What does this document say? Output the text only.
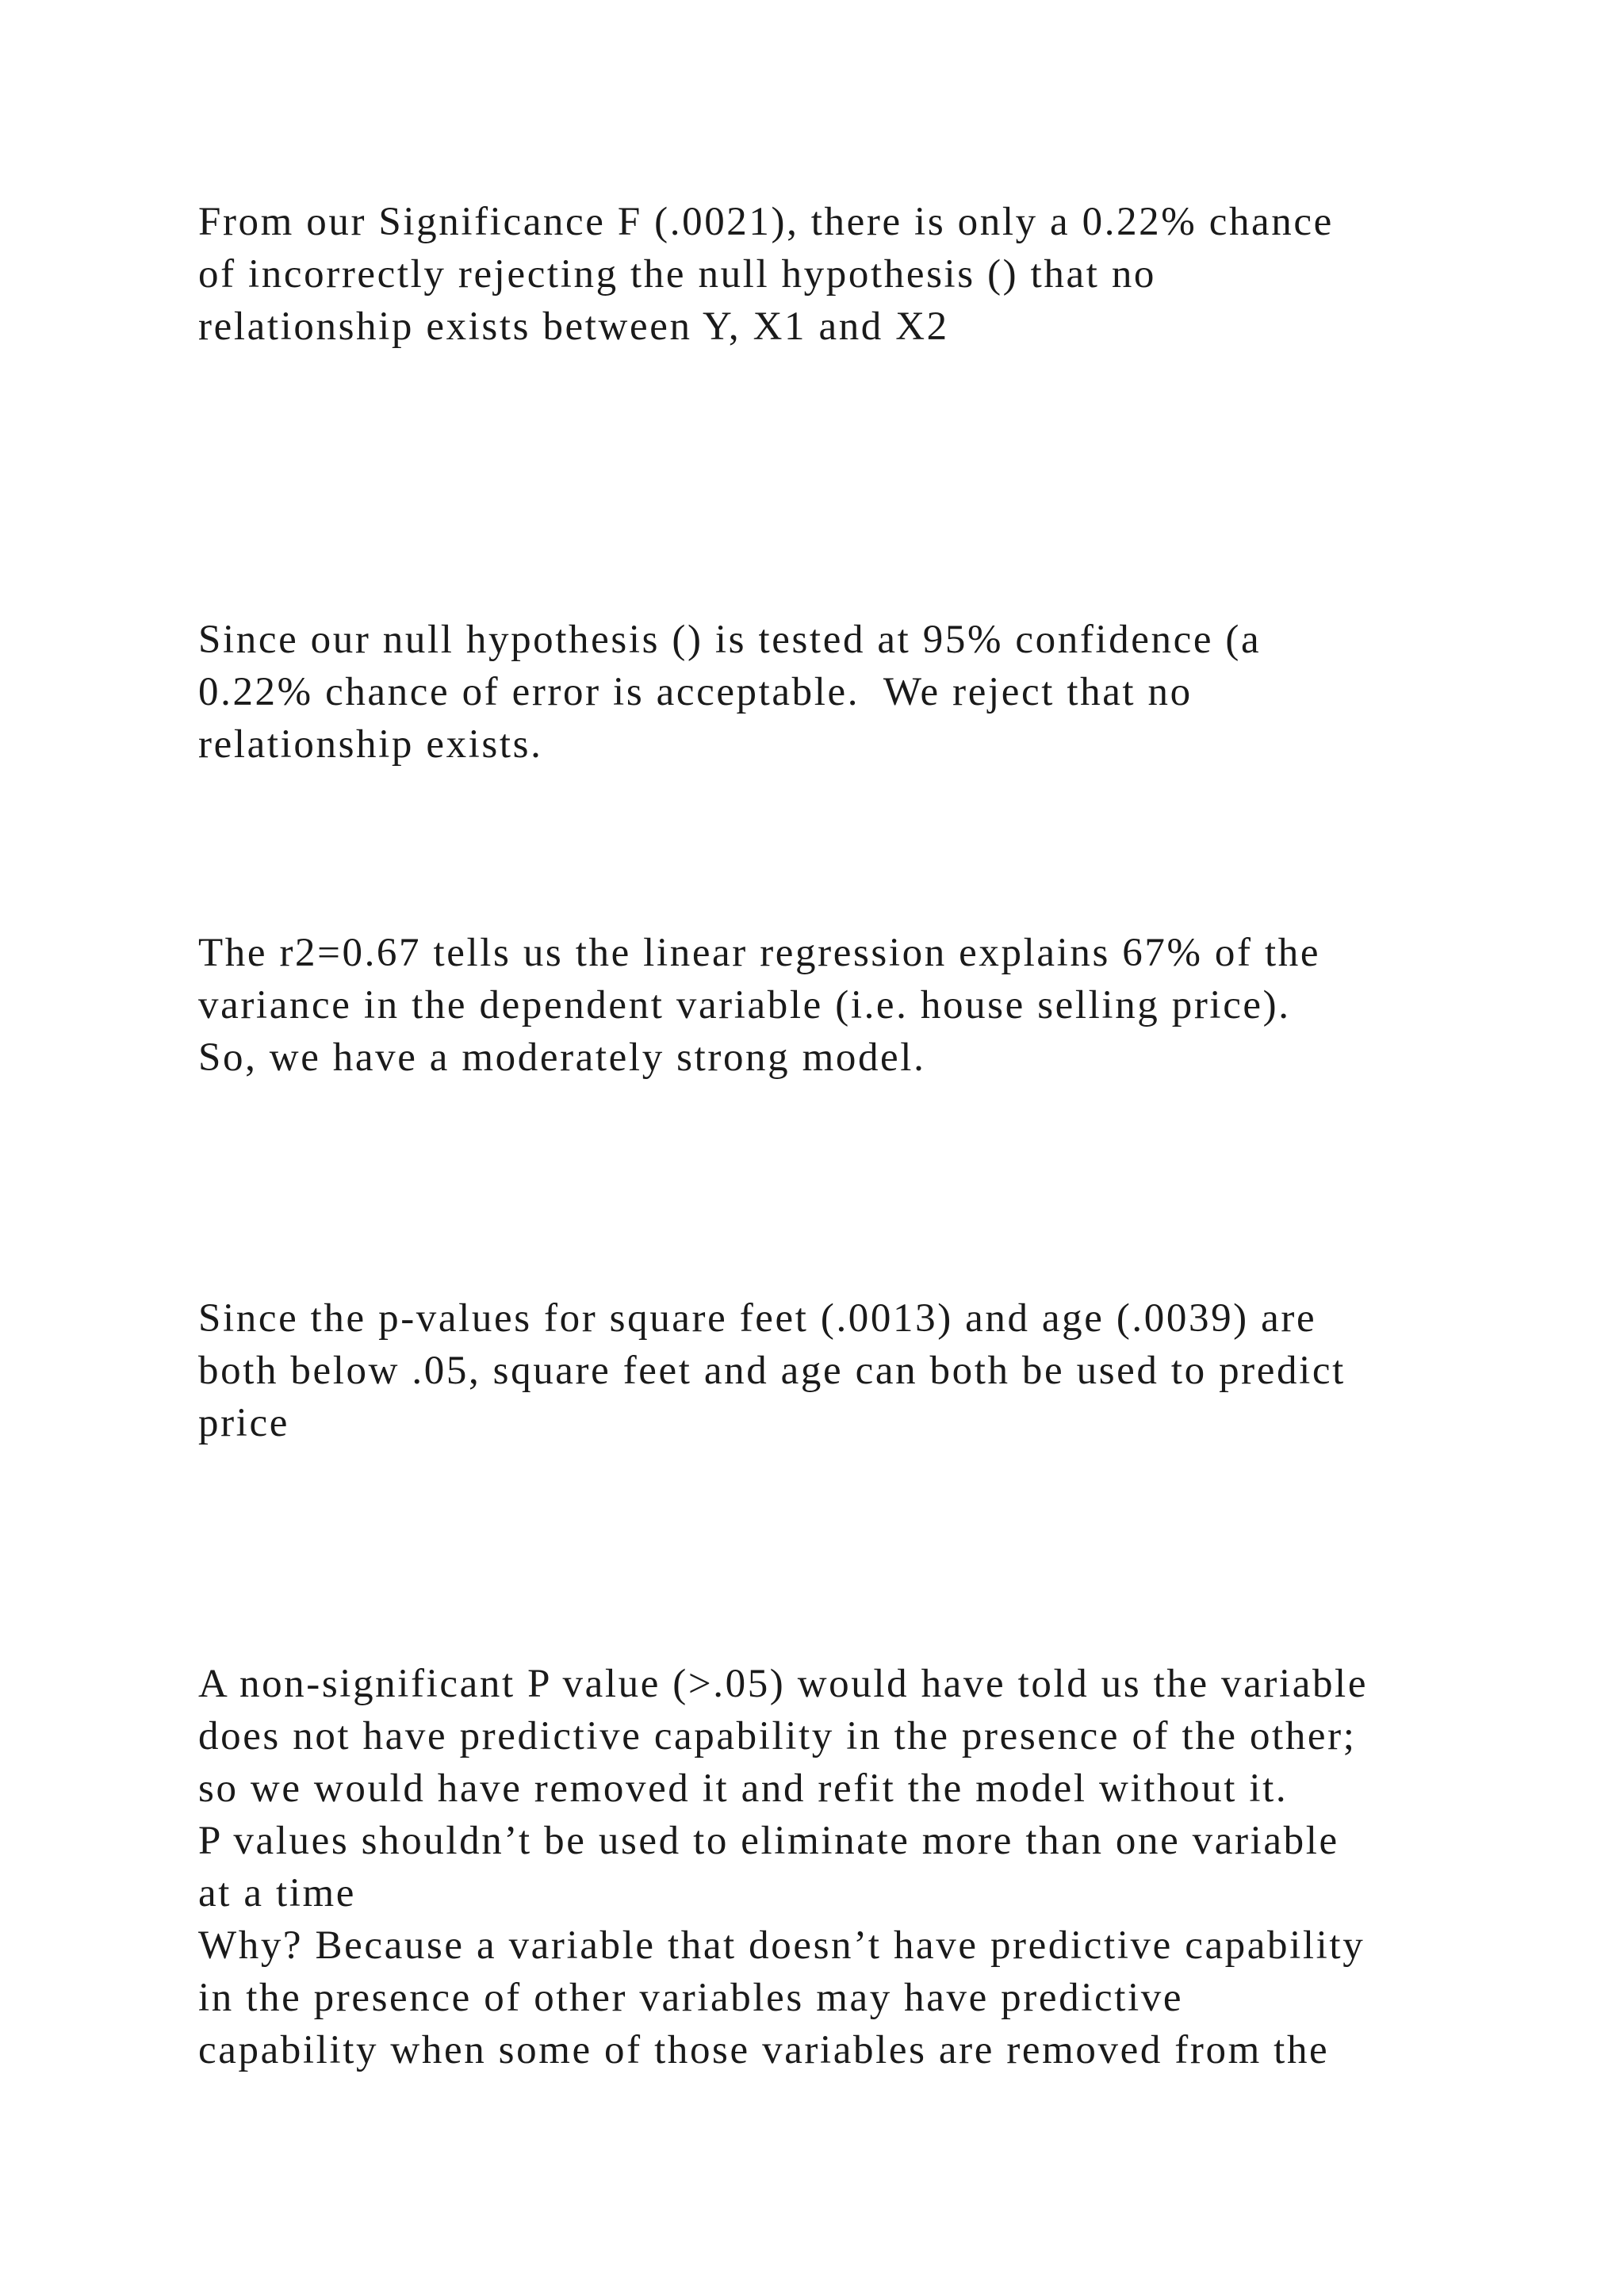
From our Significance F (.0021), there is only a 0.22% chance
of incorrectly rejecting the null hypothesis () that no
relationship exists between Y, X1 and X2

Since our null hypothesis () is tested at 95% confidence (a
0.22% chance of error is acceptable.  We reject that no
relationship exists.

The r2=0.67 tells us the linear regression explains 67% of the
variance in the dependent variable (i.e. house selling price).
So, we have a moderately strong model.

Since the p-values for square feet (.0013) and age (.0039) are
both below .05, square feet and age can both be used to predict
price

A non-significant P value (>.05) would have told us the variable
does not have predictive capability in the presence of the other;
so we would have removed it and refit the model without it.
P values shouldn’t be used to eliminate more than one variable
at a time
Why? Because a variable that doesn’t have predictive capability
in the presence of other variables may have predictive
capability when some of those variables are removed from the
